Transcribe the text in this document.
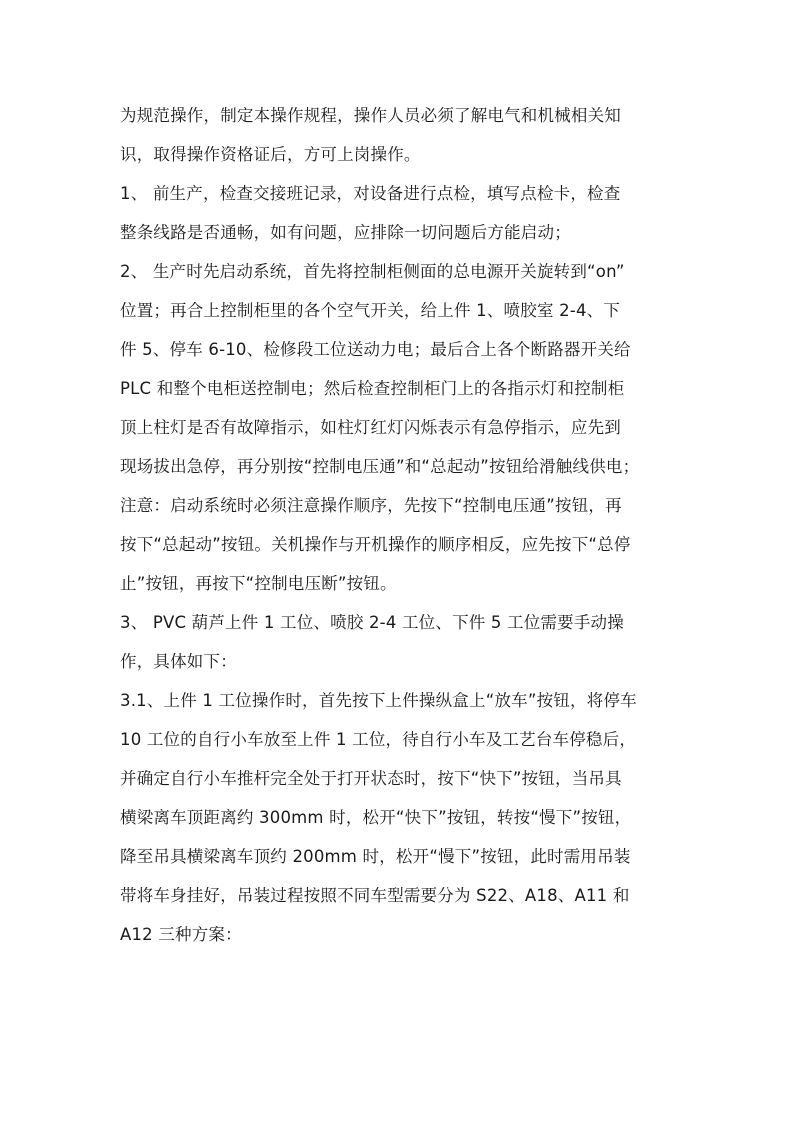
为规范操作，制定本操作规程，操作人员必须了解电气和机械相关知
识，取得操作资格证后，方可上岗操作。
1、 前生产，检查交接班记录，对设备进行点检，填写点检卡，检查
整条线路是否通畅，如有问题，应排除一切问题后方能启动；
2、 生产时先启动系统，首先将控制柜侧面的总电源开关旋转到“on”
位置；再合上控制柜里的各个空气开关，给上件 1、喷胶室 2-4、下
件 5、停车 6-10、检修段工位送动力电；最后合上各个断路器开关给
PLC 和整个电柜送控制电；然后检查控制柜门上的各指示灯和控制柜
顶上柱灯是否有故障指示，如柱灯红灯闪烁表示有急停指示，应先到
现场拔出急停，再分别按“控制电压通”和“总起动”按钮给滑触线供电；
注意：启动系统时必须注意操作顺序，先按下“控制电压通”按钮，再
按下“总起动”按钮。关机操作与开机操作的顺序相反，应先按下“总停
止”按钮，再按下“控制电压断”按钮。
3、 PVC 葫芦上件 1 工位、喷胶 2-4 工位、下件 5 工位需要手动操
作，具体如下：
3.1、上件 1 工位操作时，首先按下上件操纵盒上“放车”按钮，将停车
10 工位的自行小车放至上件 1 工位，待自行小车及工艺台车停稳后，
并确定自行小车推杆完全处于打开状态时，按下“快下”按钮，当吊具
横梁离车顶距离约 300mm 时，松开“快下”按钮，转按“慢下”按钮，
降至吊具横梁离车顶约 200mm 时，松开“慢下”按钮，此时需用吊装
带将车身挂好，吊装过程按照不同车型需要分为 S22、A18、A11 和
A12 三种方案：
